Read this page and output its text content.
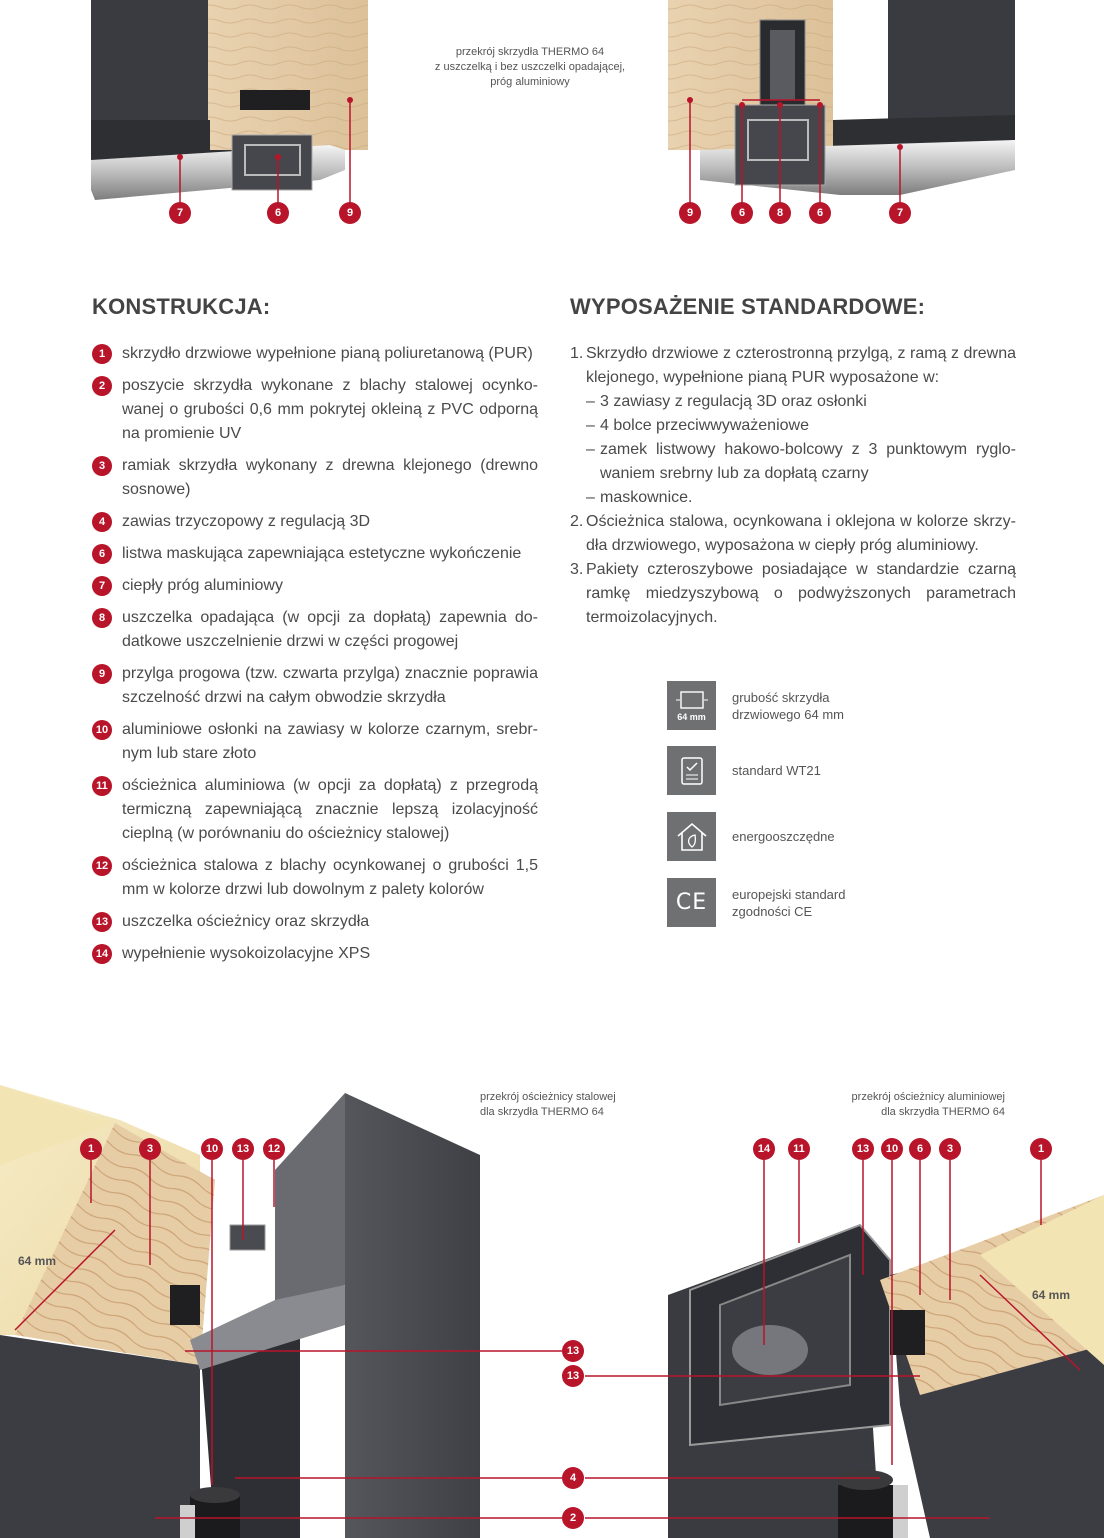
7	6	9	9	6	8	6	7
przekrój skrzydła THERMO 64
z uszczelką i bez uszczelki opadającej,
próg aluminiowy
KONSTRUKCJA:
1	skrzydło drzwiowe wypełnione pianą poliuretanową (PUR)
2	poszycie skrzydła wykonane z blachy stalowej ocynko-wanej o grubości 0,6 mm pokrytej okleiną z PVC odporną na promienie UV
3	ramiak skrzydła wykonany z drewna klejonego (drewno sosnowe)
4	zawias trzyczopowy z regulacją 3D
6	listwa maskująca zapewniająca estetyczne wykończenie
7	ciepły próg aluminiowy
8	uszczelka opadająca (w opcji za dopłatą) zapewnia do-datkowe uszczelnienie drzwi w części progowej
9	przylga progowa (tzw. czwarta przylga) znacznie poprawia szczelność drzwi na całym obwodzie skrzydła
10 aluminiowe osłonki na zawiasy w kolorze czarnym, srebr-nym lub stare złoto
11 ościeżnica aluminiowa (w opcji za dopłatą) z przegrodą termiczną zapewniającą znacznie lepszą izolacyjność cieplną (w porównaniu do ościeżnicy stalowej)
12 ościeżnica stalowa z blachy ocynkowanej o grubości 1,5 mm w kolorze drzwi lub dowolnym z palety kolorów
13 uszczelka ościeżnicy oraz skrzydła
14 wypełnienie wysokoizolacyjne XPS
WYPOSAŻENIE STANDARDOWE:
1. Skrzydło drzwiowe z czterostronną przylgą, z ramą z drewna klejonego, wypełnione pianą PUR wyposażone w:
– 3 zawiasy z regulacją 3D oraz osłonki
– 4 bolce przeciwwyważeniowe
– zamek listwowy hakowo-bolcowy z 3 punktowym ryglo-waniem srebrny lub za dopłatą czarny
– maskownice.
2. Ościeżnica stalowa, ocynkowana i oklejona w kolorze skrzy-dła drzwiowego, wyposażona w ciepły próg aluminiowy.
3. Pakiety czteroszybowe posiadające w standardzie czarną ramkę miedzyszybową o podwyższonych parametrach termoizolacyjnych.
64 mm
grubość skrzydła
drzwiowego 64 mm
standard WT21
energooszczędne
CE europejski standard
zgodności CE
1	3	10	13	12	14	11	13	10	6	3	1
13
13
4
2
przekrój ościeżnicy stalowej
dla skrzydła THERMO 64
przekrój ościeżnicy aluminiowej
dla skrzydła THERMO 64
64 mm
64 mm
